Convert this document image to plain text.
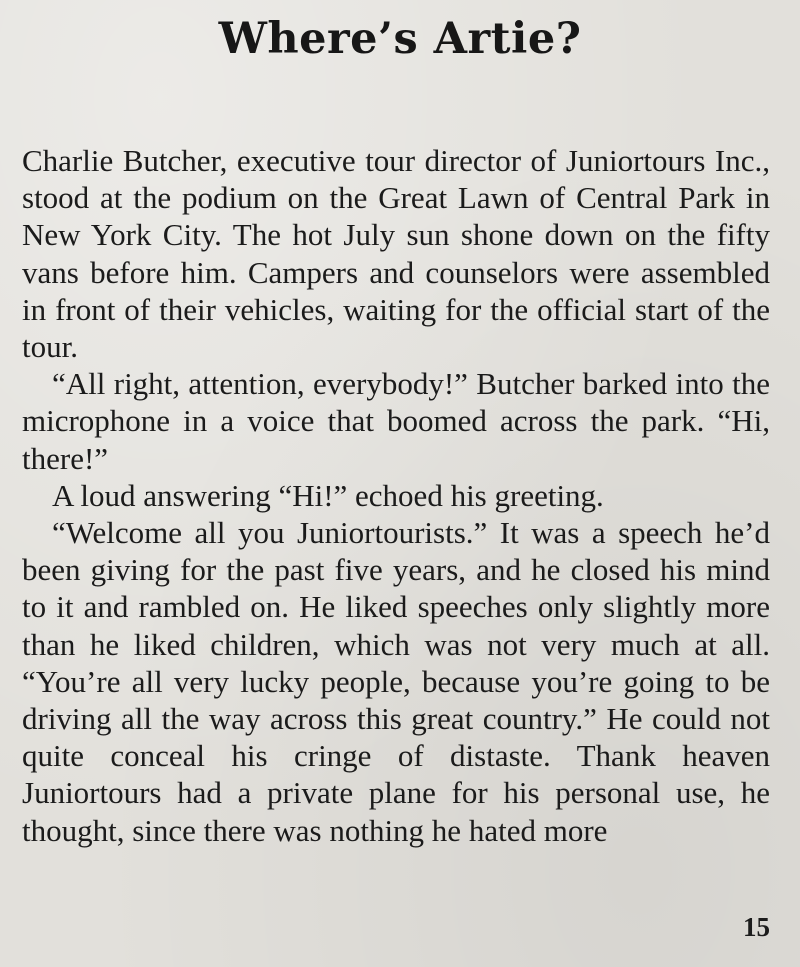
Where’s Artie?

Charlie Butcher, executive tour director of Juniortours Inc., stood at the podium on the Great Lawn of Central Park in New York City. The hot July sun shone down on the fifty vans before him. Campers and counselors were assembled in front of their vehicles, waiting for the official start of the tour.

“All right, attention, everybody!” Butcher barked into the microphone in a voice that boomed across the park. “Hi, there!”

A loud answering “Hi!” echoed his greeting.

“Welcome all you Juniortourists.” It was a speech he’d been giving for the past five years, and he closed his mind to it and rambled on. He liked speeches only slightly more than he liked children, which was not very much at all. “You’re all very lucky people, because you’re going to be driving all the way across this great country.” He could not quite conceal his cringe of distaste. Thank heaven Juniortours had a private plane for his personal use, he thought, since there was nothing he hated more

15
